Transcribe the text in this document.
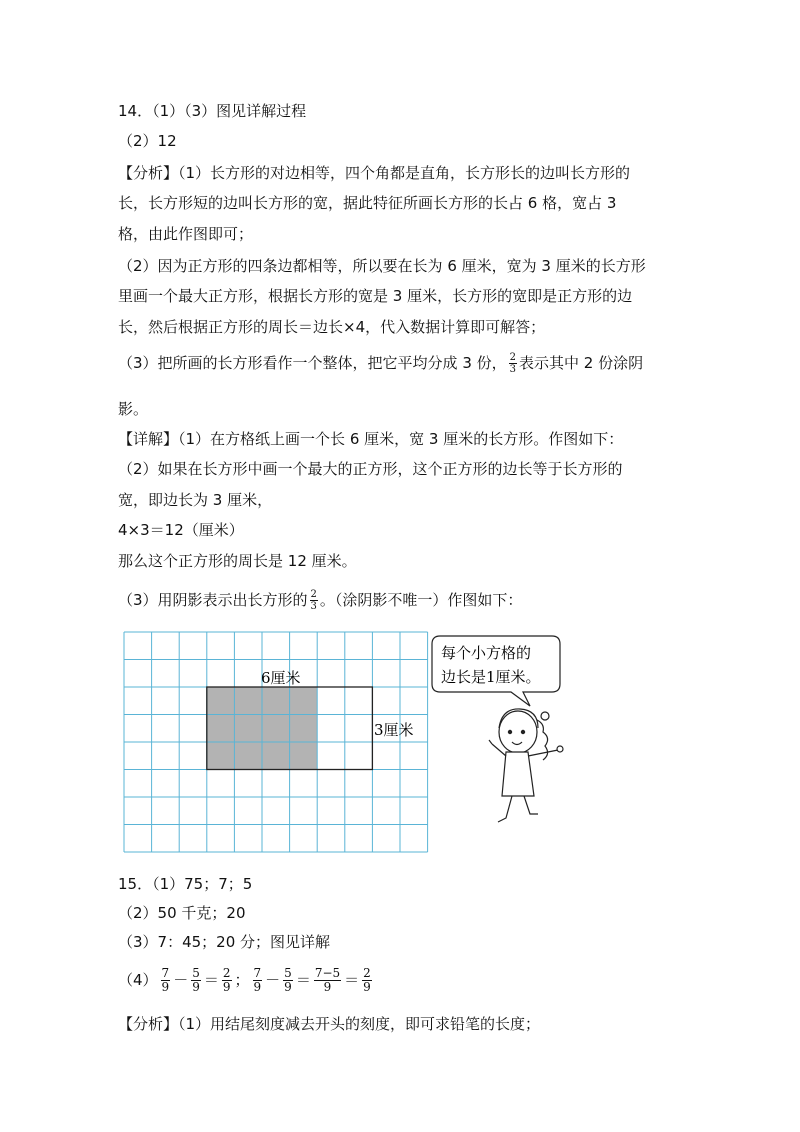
14．（1）（3）图见详解过程
（2）12
【分析】（1）长方形的对边相等，四个角都是直角，长方形长的边叫长方形的
长，长方形短的边叫长方形的宽，据此特征所画长方形的长占 6 格，宽占 3
格，由此作图即可；
（2）因为正方形的四条边都相等，所以要在长为 6 厘米，宽为 3 厘米的长方形
里画一个最大正方形，根据长方形的宽是 3 厘米，长方形的宽即是正方形的边
长，然后根据正方形的周长＝边长×4，代入数据计算即可解答；
（3）把所画的长方形看作一个整体，把它平均分成 3 份， $\frac{2}{3}$ 表示其中 2 份涂阴
影。
【详解】（1）在方格纸上画一个长 6 厘米，宽 3 厘米的长方形。作图如下：
（2）如果在长方形中画一个最大的正方形，这个正方形的边长等于长方形的
宽，即边长为 3 厘米，
4×3＝12（厘米）
那么这个正方形的周长是 12 厘米。
（3）用阴影表示出长方形的 $\frac{2}{3}$ 。（涂阴影不唯一）作图如下：
6厘米
3厘米
每个小方格的
边长是1厘米。
15．（1）75；7；5
（2）50 千克；20
（3）7：45；20 分；图见详解
$(4) \frac{7}{9} - \frac{5}{9} = \frac{2}{9}$ ； $\frac{7}{9} - \frac{5}{9} = \frac{7-5}{9} = \frac{2}{9}$
【分析】（1）用结尾刻度减去开头的刻度，即可求铅笔的长度；
